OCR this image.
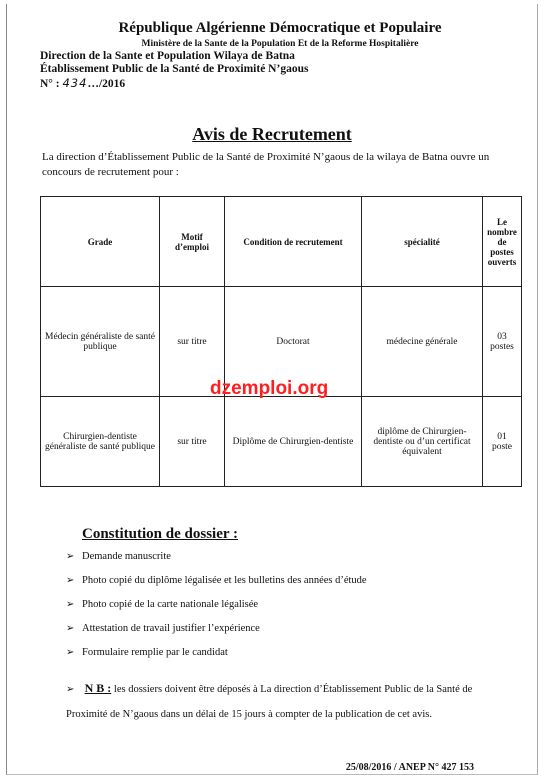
République Algérienne Démocratique et Populaire

Ministère de la Sante de la Population Et de la Reforme Hospitalière

Direction de la Sante et Population Wilaya de Batna

Établissement Public de la Santé de Proximité N’gaous

N° : 434…/2016

Avis de Recrutement
La direction d’Établissement Public de la Santé de Proximité N’gaous de la wilaya de Batna ouvre un concours de recrutement pour :
Grade	Motif d’emploi	Condition de recrutement	spécialité	Le nombre de postes ouverts
Médecin généraliste de santé publique	sur titre	Doctorat	médecine générale	03 postes
Chirurgien-dentiste généraliste de santé publique	sur titre	Diplôme de Chirurgien-dentiste	diplôme de Chirurgien-dentiste ou d’un certificat équivalent	01 poste
dzemploi.org
Constitution de dossier :
➢ Demande manuscrite
➢ Photo copié du diplôme légalisée et les bulletins des années d’étude
➢ Photo copié de la carte nationale légalisée
➢ Attestation de travail justifier l’expérience
➢ Formulaire remplie par le candidat
➢ N B : les dossiers doivent être déposés à La direction d’Établissement Public de la Santé de Proximité de N’gaous dans un délai de 15 jours à compter de la publication de cet avis.
25/08/2016 / ANEP N° 427 153
